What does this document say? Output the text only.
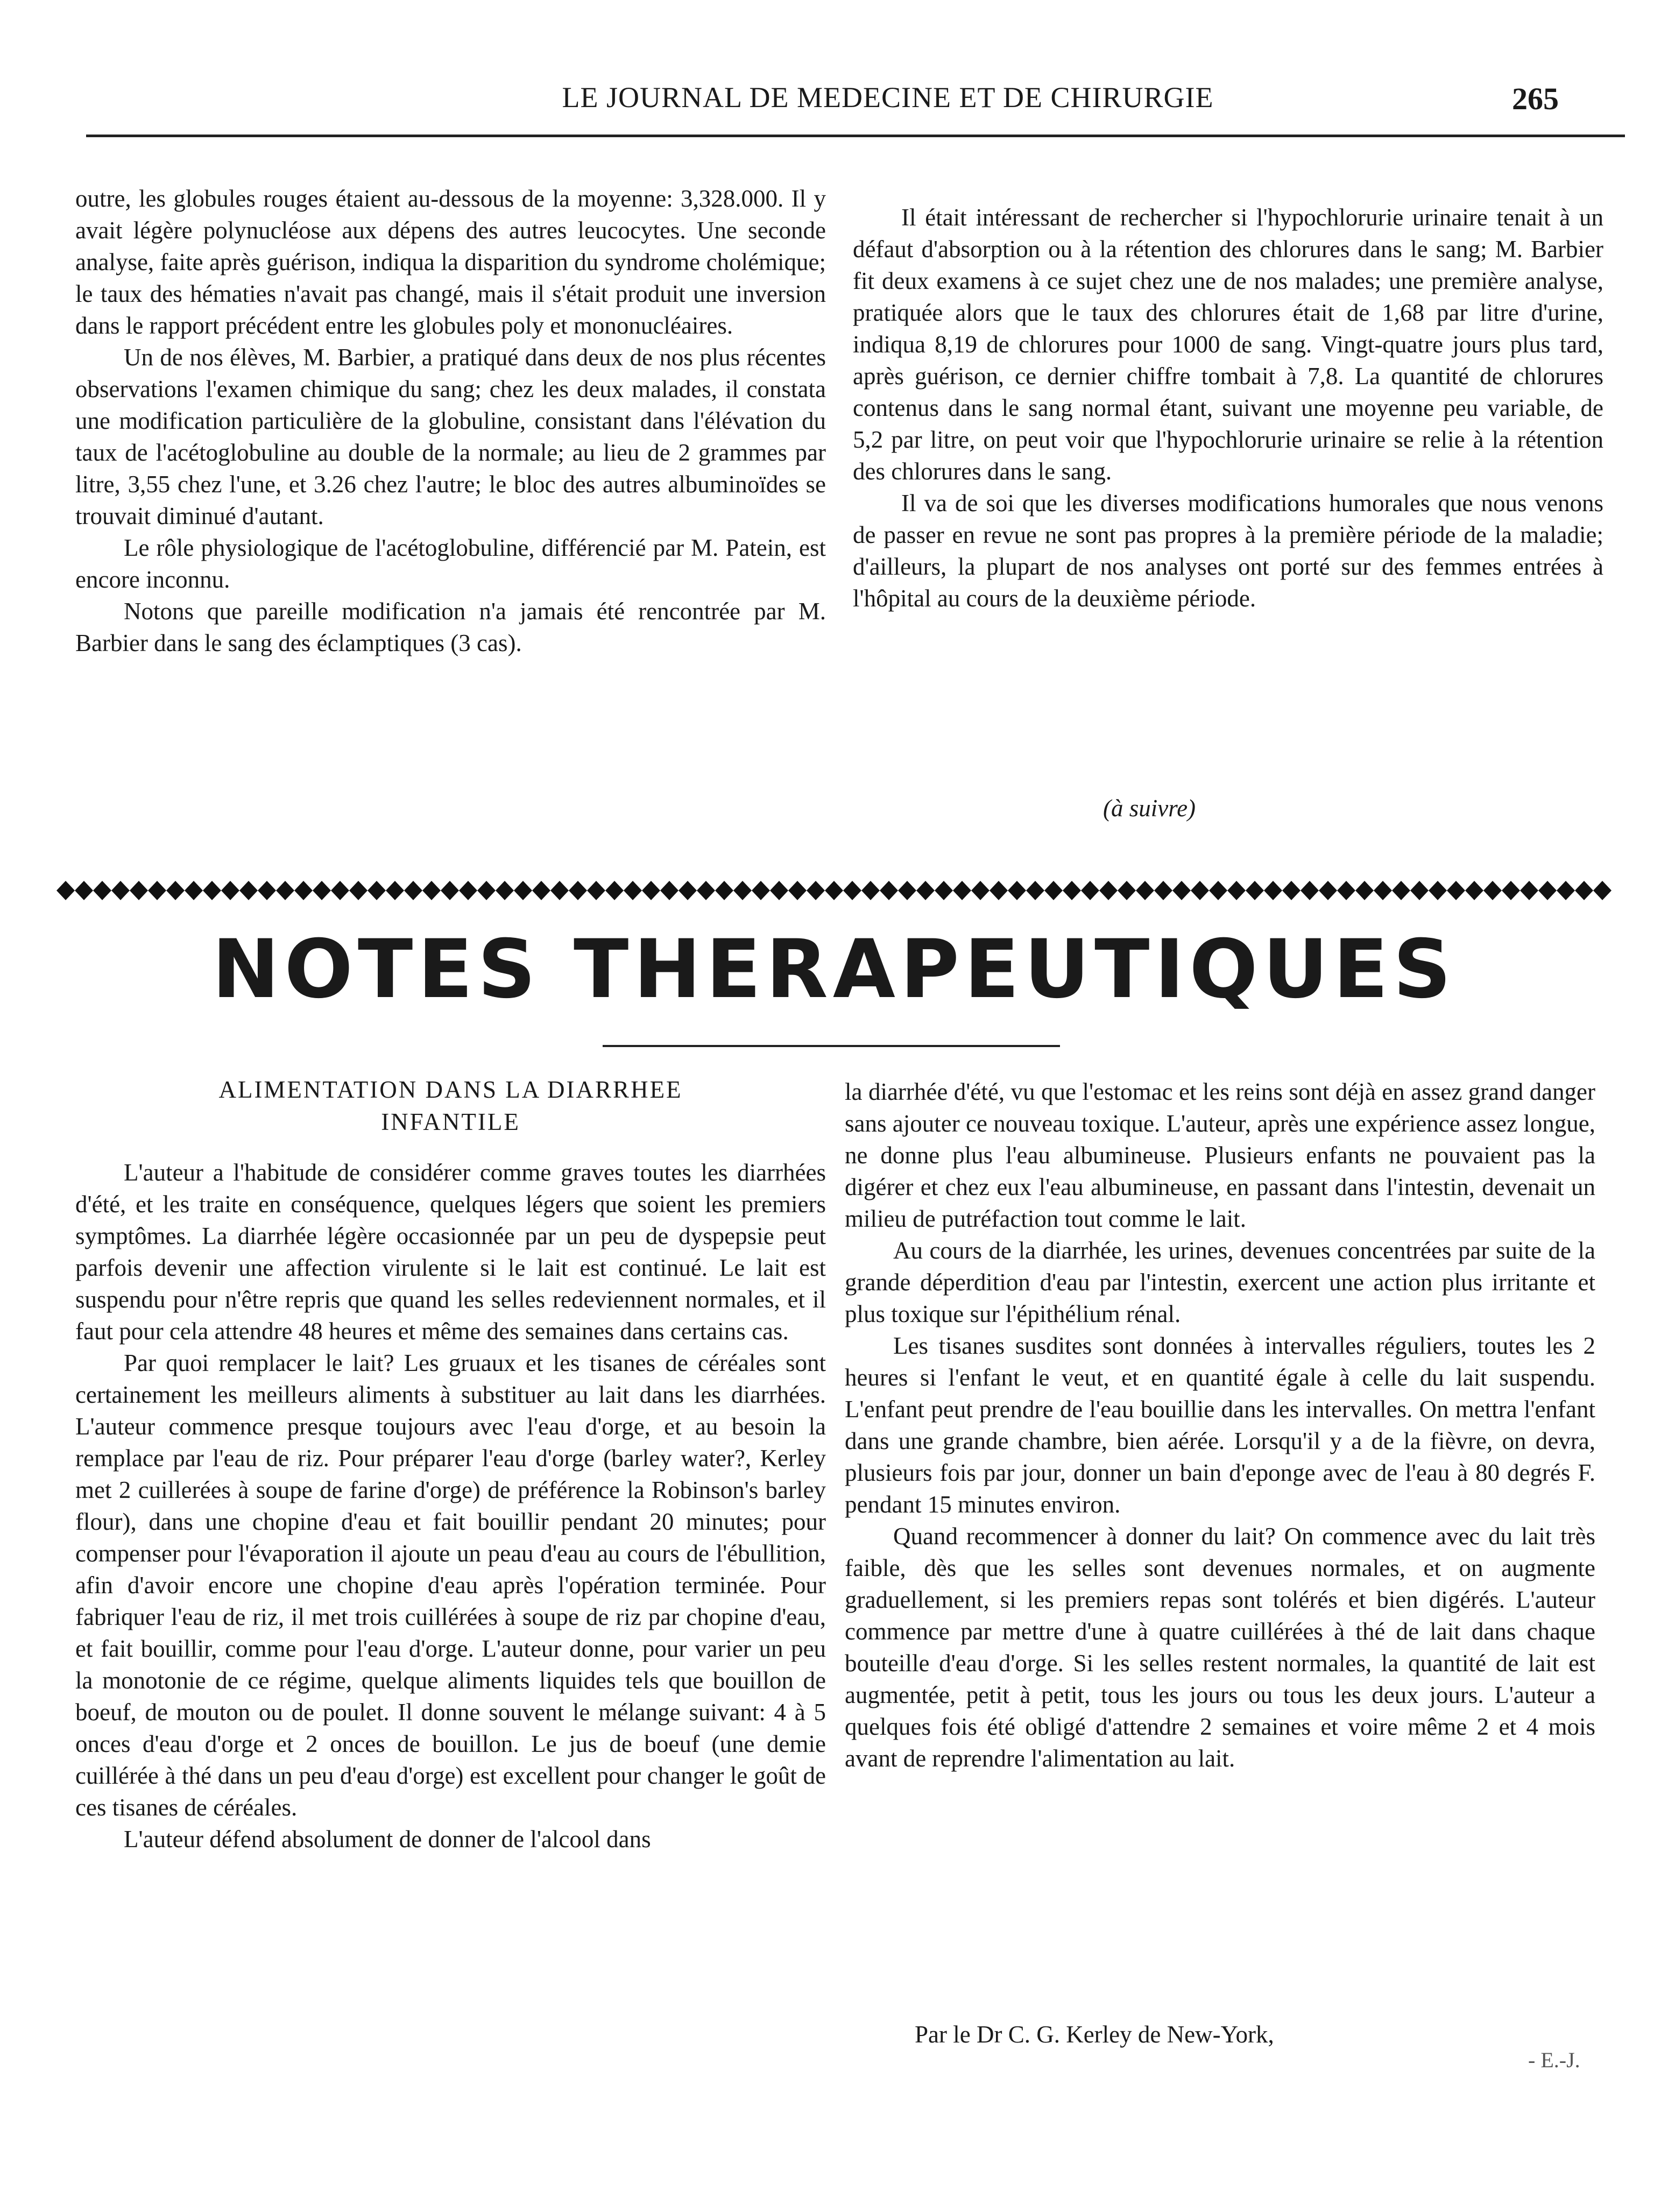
LE JOURNAL DE MEDECINE ET DE CHIRURGIE	265

outre, les globules rouges étaient au-dessous de la moyenne: 3,328.000. Il y avait légère polynucléose aux dépens des autres leucocytes. Une seconde analyse, faite après guérison, indiqua la disparition du syndrome cholémique; le taux des hématies n'avait pas changé, mais il s'était produit une inversion dans le rapport précédent entre les globules poly et mononucléaires.

Un de nos élèves, M. Barbier, a pratiqué dans deux de nos plus récentes observations l'examen chimique du sang; chez les deux malades, il constata une modification particulière de la globuline, consistant dans l'élévation du taux de l'acétoglobuline au double de la normale; au lieu de 2 grammes par litre, 3,55 chez l'une, et 3.26 chez l'autre; le bloc des autres albuminoïdes se trouvait diminué d'autant.

Le rôle physiologique de l'acétoglobuline, différencié par M. Patein, est encore inconnu.

Notons que pareille modification n'a jamais été rencontrée par M. Barbier dans le sang des éclamptiques (3 cas).

Il était intéressant de rechercher si l'hypochlorurie urinaire tenait à un défaut d'absorption ou à la rétention des chlorures dans le sang; M. Barbier fit deux examens à ce sujet chez une de nos malades; une première analyse, pratiquée alors que le taux des chlorures était de 1,68 par litre d'urine, indiqua 8,19 de chlorures pour 1000 de sang. Vingt-quatre jours plus tard, après guérison, ce dernier chiffre tombait à 7,8. La quantité de chlorures contenus dans le sang normal étant, suivant une moyenne peu variable, de 5,2 par litre, on peut voir que l'hypochlorurie urinaire se relie à la rétention des chlorures dans le sang.

Il va de soi que les diverses modifications humorales que nous venons de passer en revue ne sont pas propres à la première période de la maladie; d'ailleurs, la plupart de nos analyses ont porté sur des femmes entrées à l'hôpital au cours de la deuxième période.

(à suivre)
NOTES THERAPEUTIQUES
ALIMENTATION DANS LA DIARRHEE
INFANTILE

L'auteur a l'habitude de considérer comme graves toutes les diarrhées d'été, et les traite en conséquence, quelques légers que soient les premiers symptômes. La diarrhée légère occasionnée par un peu de dyspepsie peut parfois devenir une affection virulente si le lait est continué. Le lait est suspendu pour n'être repris que quand les selles redeviennent normales, et il faut pour cela attendre 48 heures et même des semaines dans certains cas.

Par quoi remplacer le lait? Les gruaux et les tisanes de céréales sont certainement les meilleurs aliments à substituer au lait dans les diarrhées. L'auteur commence presque toujours avec l'eau d'orge, et au besoin la remplace par l'eau de riz. Pour préparer l'eau d'orge (barley water?, Kerley met 2 cuillerées à soupe de farine d'orge) de préférence la Robinson's barley flour), dans une chopine d'eau et fait bouillir pendant 20 minutes; pour compenser pour l'évaporation il ajoute un peau d'eau au cours de l'ébullition, afin d'avoir encore une chopine d'eau après l'opération terminée. Pour fabriquer l'eau de riz, il met trois cuillérées à soupe de riz par chopine d'eau, et fait bouillir, comme pour l'eau d'orge. L'auteur donne, pour varier un peu la monotonie de ce régime, quelque aliments liquides tels que bouillon de boeuf, de mouton ou de poulet. Il donne souvent le mélange suivant: 4 à 5 onces d'eau d'orge et 2 onces de bouillon. Le jus de boeuf (une demie cuillérée à thé dans un peu d'eau d'orge) est excellent pour changer le goût de ces tisanes de céréales.

L'auteur défend absolument de donner de l'alcool dans

la diarrhée d'été, vu que l'estomac et les reins sont déjà en assez grand danger sans ajouter ce nouveau toxique. L'auteur, après une expérience assez longue, ne donne plus l'eau albumineuse. Plusieurs enfants ne pouvaient pas la digérer et chez eux l'eau albumineuse, en passant dans l'intestin, devenait un milieu de putréfaction tout comme le lait.

Au cours de la diarrhée, les urines, devenues concentrées par suite de la grande déperdition d'eau par l'intestin, exercent une action plus irritante et plus toxique sur l'épithélium rénal.

Les tisanes susdites sont données à intervalles réguliers, toutes les 2 heures si l'enfant le veut, et en quantité égale à celle du lait suspendu. L'enfant peut prendre de l'eau bouillie dans les intervalles. On mettra l'enfant dans une grande chambre, bien aérée. Lorsqu'il y a de la fièvre, on devra, plusieurs fois par jour, donner un bain d'eponge avec de l'eau à 80 degrés F. pendant 15 minutes environ.

Quand recommencer à donner du lait? On commence avec du lait très faible, dès que les selles sont devenues normales, et on augmente graduellement, si les premiers repas sont tolérés et bien digérés. L'auteur commence par mettre d'une à quatre cuillérées à thé de lait dans chaque bouteille d'eau d'orge. Si les selles restent normales, la quantité de lait est augmentée, petit à petit, tous les jours ou tous les deux jours. L'auteur a quelques fois été obligé d'attendre 2 semaines et voire même 2 et 4 mois avant de reprendre l'alimentation au lait.

Par le Dr C. G. Kerley de New-York,
- E.-J.
